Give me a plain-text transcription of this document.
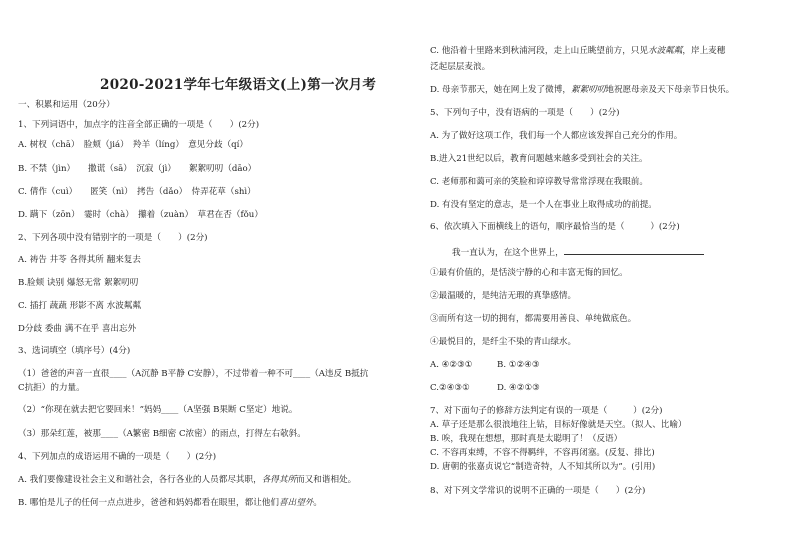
2020-2021学年七年级语文(上)第一次月考
一、积累和运用（20分）
1、下列词语中，加点字的注音全部正确的一项是（　　）(2分)
A. 树杈（chā）　脸颊（jiá）　羚羊（líng）　意见分歧（qí）
B. 不禁（jìn）　　撒谎（sā）　沉寂（jì）　　絮絮叨叨（dāo）
C. 倩作（cuì）　　匿笑（nì）　拷告（dǎo）　侍弄花草（shì）
D. 蹒下（zōn）　霎时（chà）　攥着（zuàn）　草君在否（fǒu）
2、下列各项中没有错别字的一项是（　　）(2分)
A. 祷告 井苓 各得其所 翻来复去
B.脸颊 诀别 爆怒无常 絮絮叨叨
C. 插打 蔬蔬 形影不离 水波粼粼
D分歧 委曲 满不在乎 喜出忘外
3、选词填空（填序号）(4分)
（1）爸爸的声音一直很____（A沉静 B平静 C安静），不过带着一种不可____（A违反 B抵抗
C抗拒）的力量。
（2）“你现在就去把它要回来！”妈妈____（A坚强 B果断 C坚定）地说。
（3）那朵红莲，被那____（A繁密 B细密 C浓密）的雨点，打得左右欹斜。
4、下列加点的成语运用不确的一项是（　　）(2分)
A. 我们要像建设社会主义和谐社会，各行各业的人员都尽其职，各得其所而又和谐相处。
B. 哪怕是儿子的任何一点点进步，爸爸和妈妈都看在眼里，都让他们喜出望外。
C. 他沿着十里路来到秋浦河段，走上山丘眺望前方，只见水波粼粼，岸上麦穗
泛起层层麦浪。
D. 母亲节那天，她在网上发了微博，絮絮叨叨地祝愿母亲及天下母亲节日快乐。
5、下列句子中，没有语病的一项是（　　）(2分)
A. 为了做好这项工作，我们每一个人都应该发挥自己充分的作用。
B.进入21世纪以后，教育问题越来越多受到社会的关注。
C. 老师那和蔼可亲的笑脸和谆谆教导常常浮现在我眼前。
D. 有没有坚定的意志，是一个人在事业上取得成功的前提。
6、依次填入下面横线上的语句，顺序最恰当的是（　　　）(2分)
我一直认为，在这个世界上，
①最有价值的，是恬淡宁静的心和丰富无悔的回忆。
②最温暖的，是纯洁无瑕的真挚感情。
③而所有这一切的拥有，都需要用善良、单纯做底色。
④最悦目的，是纤尘不染的青山绿水。
A. ④②③①	B. ①②④③
C.②④③①	D. ④②①③
7、对下面句子的修辞方法判定有误的一项是（　　　）(2分)
A. 草子还是那么很浪地往上钻，目标好像就是天空。（拟人、比喻）
B. 唉，我现在想想，那时真是太聪明了！（反语）
C. 不容再束缚，不容不得羁绊，不容再闭塞。(反复、排比)
D. 唐朝的张嘉贞说它“制造奇特，人不知其所以为”。(引用)
8、对下列文学常识的说明不正确的一项是（　　）(2分)
